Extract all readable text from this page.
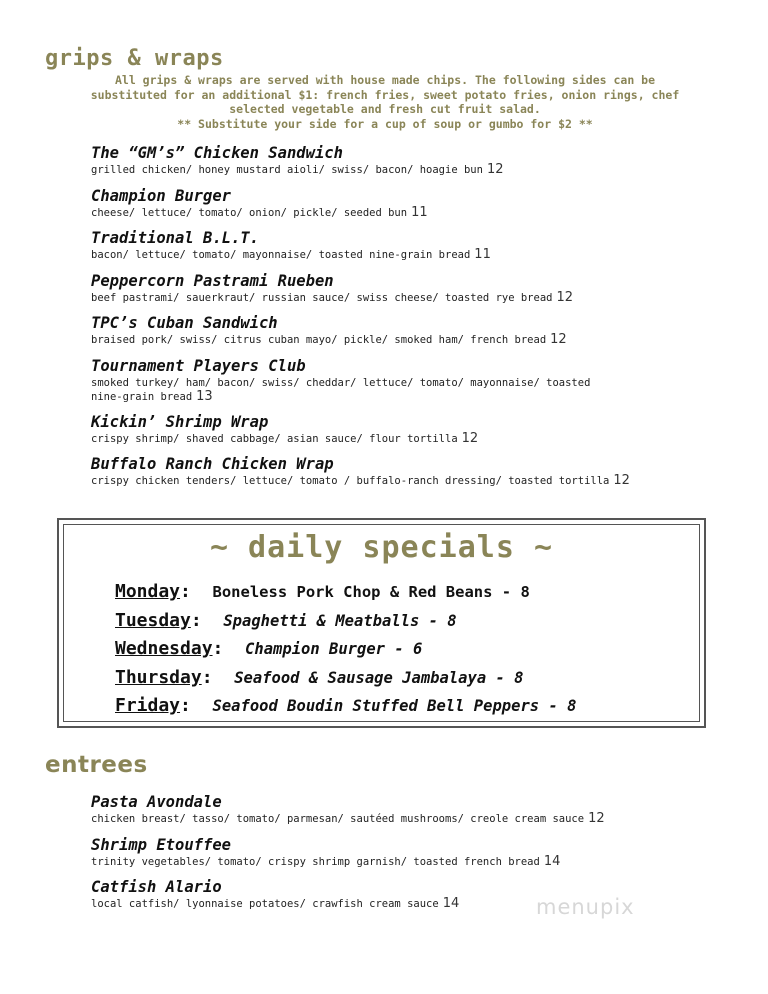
grips & wraps
All grips & wraps are served with house made chips. The following sides can be
substituted for an additional $1: french fries, sweet potato fries, onion rings, chef
selected vegetable and fresh cut fruit salad.
** Substitute your side for a cup of soup or gumbo for $2 **
The “GM’s” Chicken Sandwich
grilled chicken/ honey mustard aioli/ swiss/ bacon/ hoagie bun 12
Champion Burger
cheese/ lettuce/ tomato/ onion/ pickle/ seeded bun 11
Traditional B.L.T.
bacon/ lettuce/ tomato/ mayonnaise/ toasted nine-grain bread 11
Peppercorn Pastrami Rueben
beef pastrami/ sauerkraut/ russian sauce/ swiss cheese/ toasted rye bread 12
TPC’s Cuban Sandwich
braised pork/ swiss/ citrus cuban mayo/ pickle/ smoked ham/ french bread 12
Tournament Players Club
smoked turkey/ ham/ bacon/ swiss/ cheddar/ lettuce/ tomato/ mayonnaise/ toasted nine-grain bread 13
Kickin’ Shrimp Wrap
crispy shrimp/ shaved cabbage/ asian sauce/ flour tortilla 12
Buffalo Ranch Chicken Wrap
crispy chicken tenders/ lettuce/ tomato / buffalo-ranch dressing/ toasted tortilla 12
~ daily specials ~
Monday: Boneless Pork Chop & Red Beans - 8
Tuesday: Spaghetti & Meatballs - 8
Wednesday: Champion Burger - 6
Thursday: Seafood & Sausage Jambalaya - 8
Friday: Seafood Boudin Stuffed Bell Peppers - 8
entrees
Pasta Avondale
chicken breast/ tasso/ tomato/ parmesan/ sautéed mushrooms/ creole cream sauce 12
Shrimp Etouffee
trinity vegetables/ tomato/ crispy shrimp garnish/ toasted french bread 14
Catfish Alario
local catfish/ lyonnaise potatoes/ crawfish cream sauce 14	menupix
